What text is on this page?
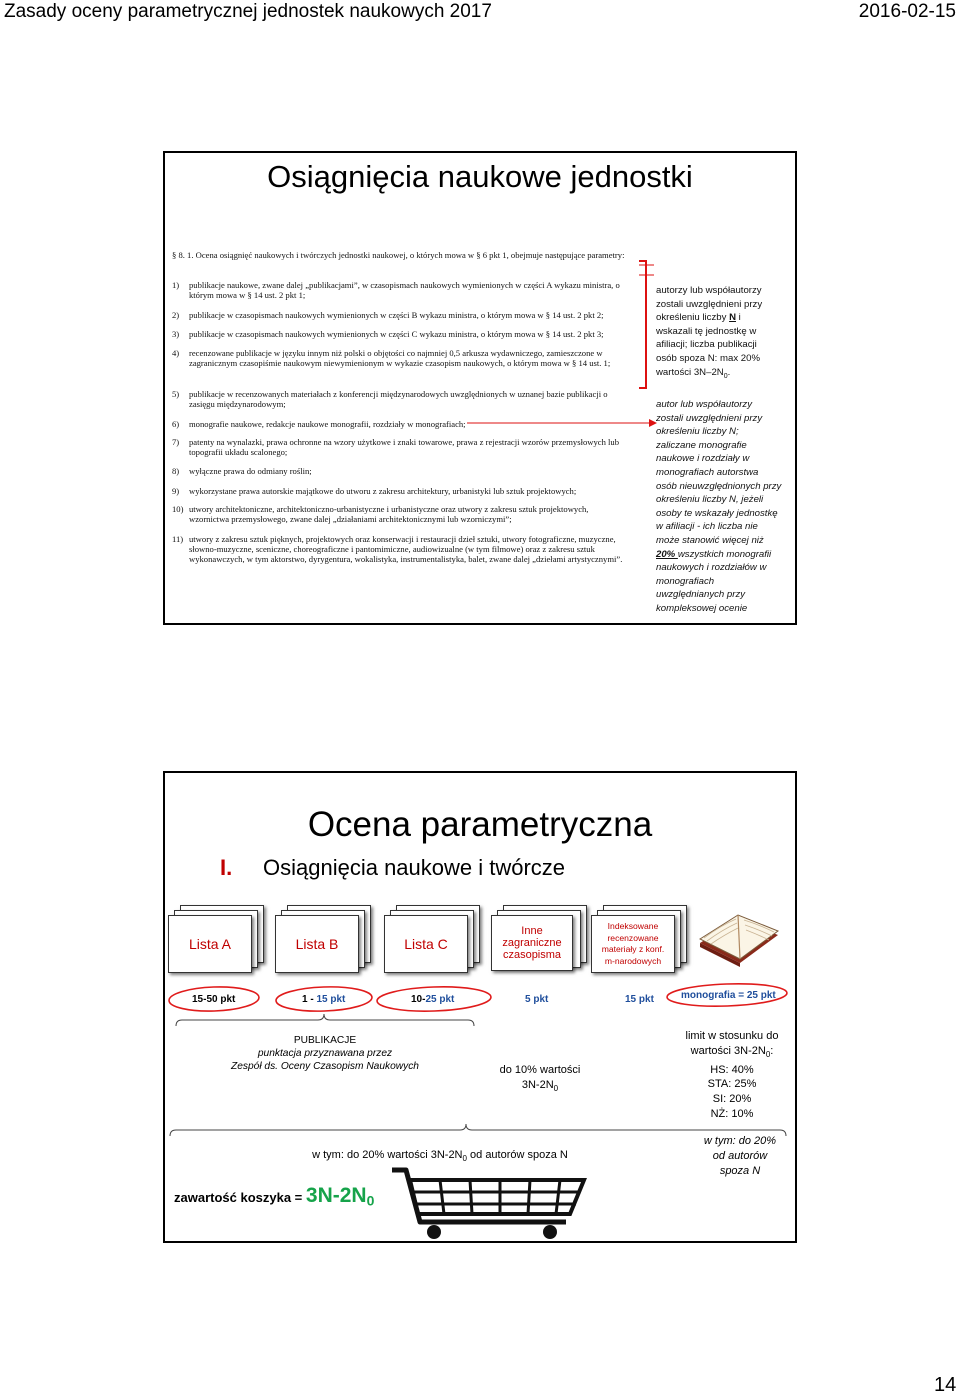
Zasady oceny parametrycznej jednostek naukowych 2017	2016-02-15
Osiągnięcia naukowe jednostki
§ 8. 1. Ocena osiągnięć naukowych i twórczych jednostki naukowej, o których mowa w § 6 pkt 1, obejmuje następujące parametry:
1) publikacje naukowe, zwane dalej „publikacjami”, w czasopismach naukowych wymienionych w części A wykazu ministra, o którym mowa w § 14 ust. 2 pkt 1;
2) publikacje w czasopismach naukowych wymienionych w części B wykazu ministra, o którym mowa w § 14 ust. 2 pkt 2;
3) publikacje w czasopismach naukowych wymienionych w części C wykazu ministra, o którym mowa w § 14 ust. 2 pkt 3;
4) recenzowane publikacje w języku innym niż polski o objętości co najmniej 0,5 arkusza wydawniczego, zamieszczone w zagranicznym czasopiśmie naukowym niewymienionym w wykazie czasopism naukowych, o którym mowa w § 14 ust. 1;
5) publikacje w recenzowanych materiałach z konferencji międzynarodowych uwzględnionych w uznanej bazie publikacji o zasięgu międzynarodowym;
6) monografie naukowe, redakcje naukowe monografii, rozdziały w monografiach;
7) patenty na wynalazki, prawa ochronne na wzory użytkowe i znaki towarowe, prawa z rejestracji wzorów przemysłowych lub topografii układu scalonego;
8) wyłączne prawa do odmiany roślin;
9) wykorzystane prawa autorskie majątkowe do utworu z zakresu architektury, urbanistyki lub sztuk projektowych;
10) utwory architektoniczne, architektoniczno-urbanistyczne i urbanistyczne oraz utwory z zakresu sztuk projektowych, wzornictwa przemysłowego, zwane dalej „działaniami architektonicznymi lub wzorniczymi”;
11) utwory z zakresu sztuk pięknych, projektowych oraz konserwacji i restauracji dzieł sztuki, utwory fotograficzne, muzyczne, słowno-muzyczne, sceniczne, choreograficzne i pantomimiczne, audiowizualne (w tym filmowe) oraz z zakresu sztuk wykonawczych, w tym aktorstwo, dyrygentura, wokalistyka, instrumentalistyka, balet, zwane dalej „dziełami artystycznymi”.
autorzy lub współautorzy
zostali uwzględnieni przy
określeniu liczby N i
wskazali tę jednostkę w
afiliacji; liczba publikacji
osób spoza N: max 20%
wartości $3N-2N_0$.
autor lub współautorzy
zostali uwzględnieni przy
określeniu liczby N;
zaliczane monografie
naukowe i rozdziały w
monografiach autorstwa
osób nieuwzględnionych przy
określeniu liczby N, jeżeli
osoby te wskazały jednostkę
w afiliacji - ich liczba nie
może stanowić więcej niż
20% wszystkich monografii
naukowych i rozdziałów w
monografiach
uwzględnianych przy
kompleksowej ocenie
Ocena parametryczna
I. Osiągnięcia naukowe i twórcze
Lista A	Lista B	Lista C
Inne zagraniczne czasopisma
Indeksowane
recenzowane
materiały z konf.
m-narodowych
15-50 pkt	1 - 15 pkt	10-25 pkt	5 pkt	15 pkt	monografia = 25 pkt
PUBLIKACJE
punktacja przyznawana przez
Zespół ds. Oceny Czasopism Naukowych	do 10% wartości
$3N-2N_0$
limit w stosunku do
wartości $3N-2N_0$:
HS: 40%
STA: 25%
SI: 20%
NŻ: 10%
w tym: do 20% wartości $3N-2N_0$ od autorów spoza N
w tym: do 20%
od autorów
spoza N
zawartość koszyka = $3N-2N_0$
14
